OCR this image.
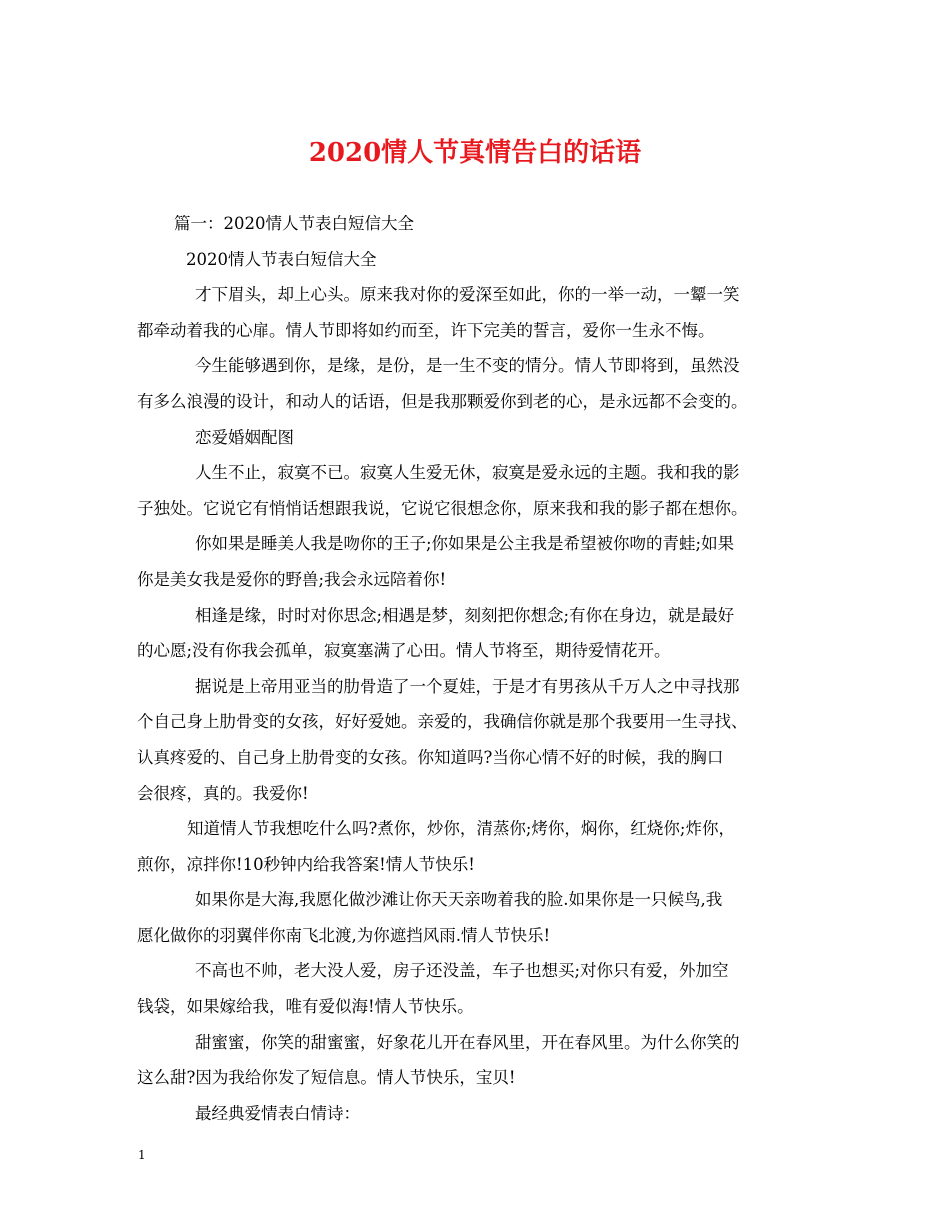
2020情人节真情告白的话语
篇一：2020情人节表白短信大全
2020情人节表白短信大全
才下眉头，却上心头。原来我对你的爱深至如此，你的一举一动，一颦一笑
都牵动着我的心扉。情人节即将如约而至，许下完美的誓言，爱你一生永不悔。
今生能够遇到你，是缘，是份，是一生不变的情分。情人节即将到，虽然没
有多么浪漫的设计，和动人的话语，但是我那颗爱你到老的心，是永远都不会变的。
恋爱婚姻配图
人生不止，寂寞不已。寂寞人生爱无休，寂寞是爱永远的主题。我和我的影
子独处。它说它有悄悄话想跟我说，它说它很想念你，原来我和我的影子都在想你。
你如果是睡美人我是吻你的王子;你如果是公主我是希望被你吻的青蛙;如果
你是美女我是爱你的野兽;我会永远陪着你!
相逢是缘，时时对你思念;相遇是梦，刻刻把你想念;有你在身边，就是最好
的心愿;没有你我会孤单，寂寞塞满了心田。情人节将至，期待爱情花开。
据说是上帝用亚当的肋骨造了一个夏娃，于是才有男孩从千万人之中寻找那
个自己身上肋骨变的女孩，好好爱她。亲爱的，我确信你就是那个我要用一生寻找、
认真疼爱的、自己身上肋骨变的女孩。你知道吗?当你心情不好的时候，我的胸口
会很疼，真的。我爱你!
知道情人节我想吃什么吗?煮你，炒你，清蒸你;烤你，焖你，红烧你;炸你，
煎你，凉拌你!10秒钟内给我答案!情人节快乐!
如果你是大海,我愿化做沙滩让你天天亲吻着我的脸.如果你是一只候鸟,我
愿化做你的羽翼伴你南飞北渡,为你遮挡风雨.情人节快乐!
不高也不帅，老大没人爱，房子还没盖，车子也想买;对你只有爱，外加空
钱袋，如果嫁给我，唯有爱似海!情人节快乐。
甜蜜蜜，你笑的甜蜜蜜，好象花儿开在春风里，开在春风里。为什么你笑的
这么甜?因为我给你发了短信息。情人节快乐，宝贝!
最经典爱情表白情诗：
1
